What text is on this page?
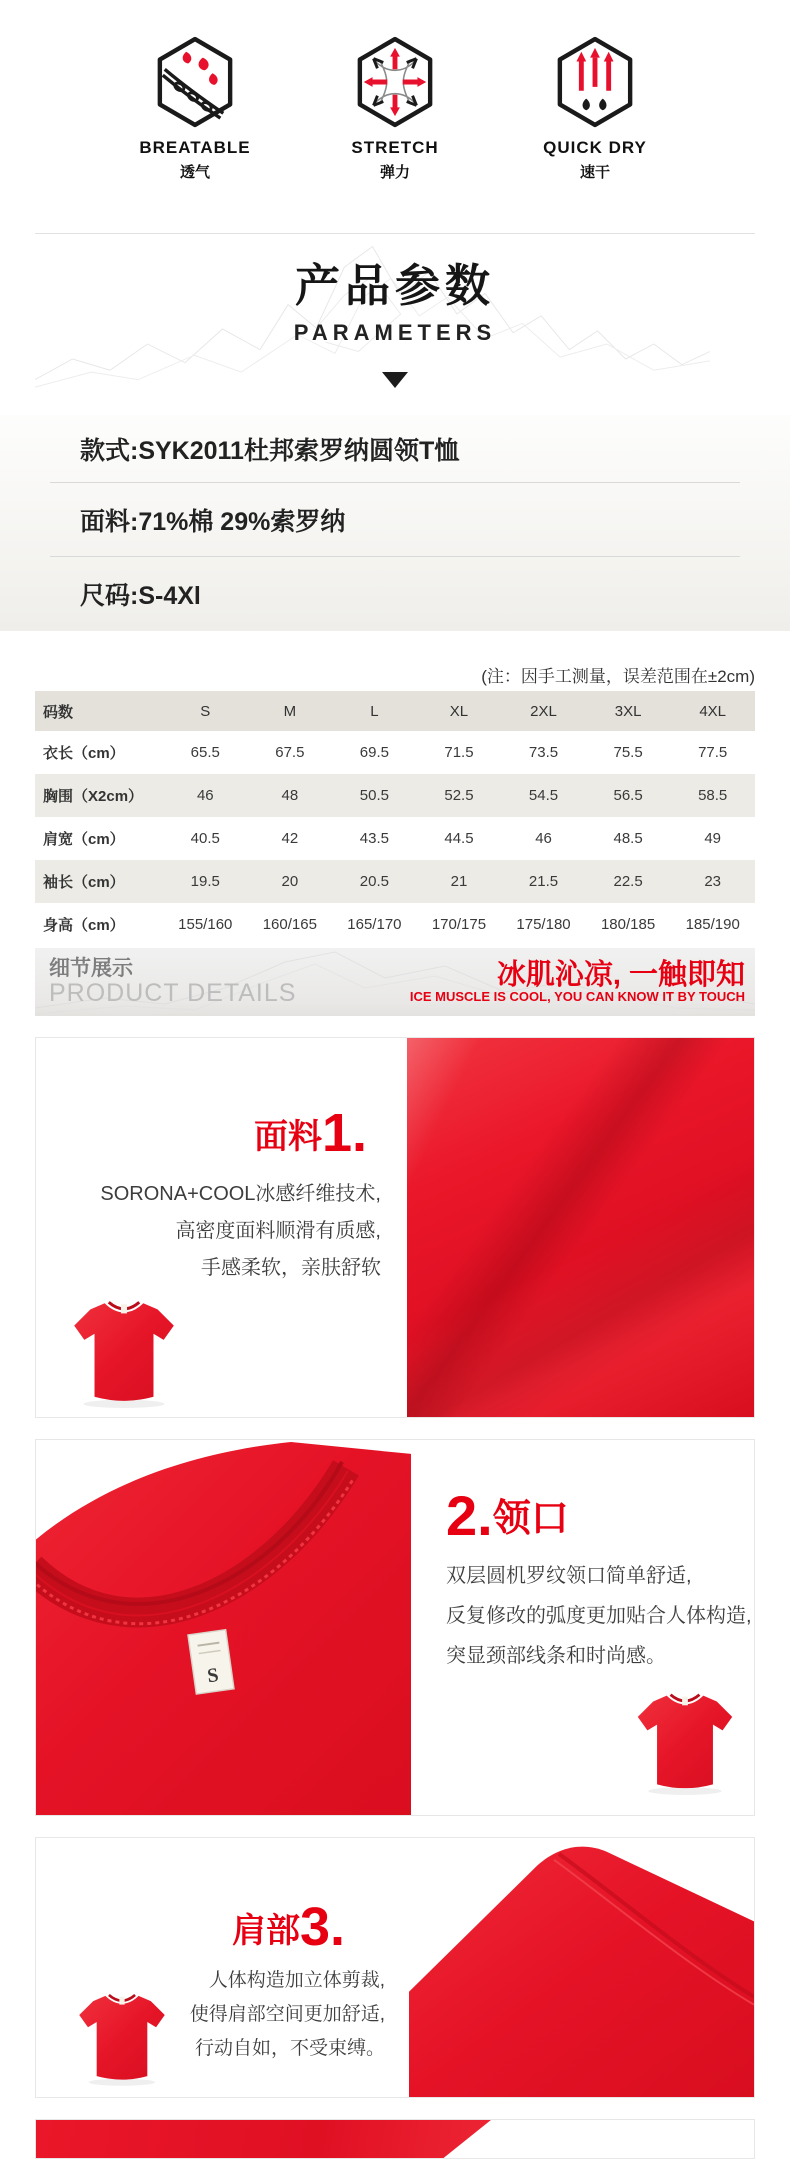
BREATABLE
透气
STRETCH
弹力
QUICK DRY
速干
产品参数
PARAMETERS
款式:SYK2011杜邦索罗纳圆领T恤
面料:71%棉 29%索罗纳
尺码:S-4Xl
(注：因手工测量，误差范围在±2cm)
码数	S	M	L	XL	2XL	3XL	4XL
衣长（cm）	65.5	67.5	69.5	71.5	73.5	75.5	77.5
胸围（X2cm）	46	48	50.5	52.5	54.5	56.5	58.5
肩宽（cm）	40.5	42	43.5	44.5	46	48.5	49
袖长（cm）	19.5	20	20.5	21	21.5	22.5	23
身高（cm）	155/160	160/165	165/170	170/175	175/180	180/185	185/190
细节展示
PRODUCT DETAILS
冰肌沁凉, 一触即知
ICE MUSCLE IS COOL, YOU CAN KNOW IT BY TOUCH
面料 1.
SORONA+COOL冰感纤维技术,
高密度面料顺滑有质感,
手感柔软，亲肤舒软
S
2. 领口
双层圆机罗纹领口简单舒适,
反复修改的弧度更加贴合人体构造,
突显颈部线条和时尚感。
肩部 3.
人体构造加立体剪裁,
使得肩部空间更加舒适,
行动自如，不受束缚。
